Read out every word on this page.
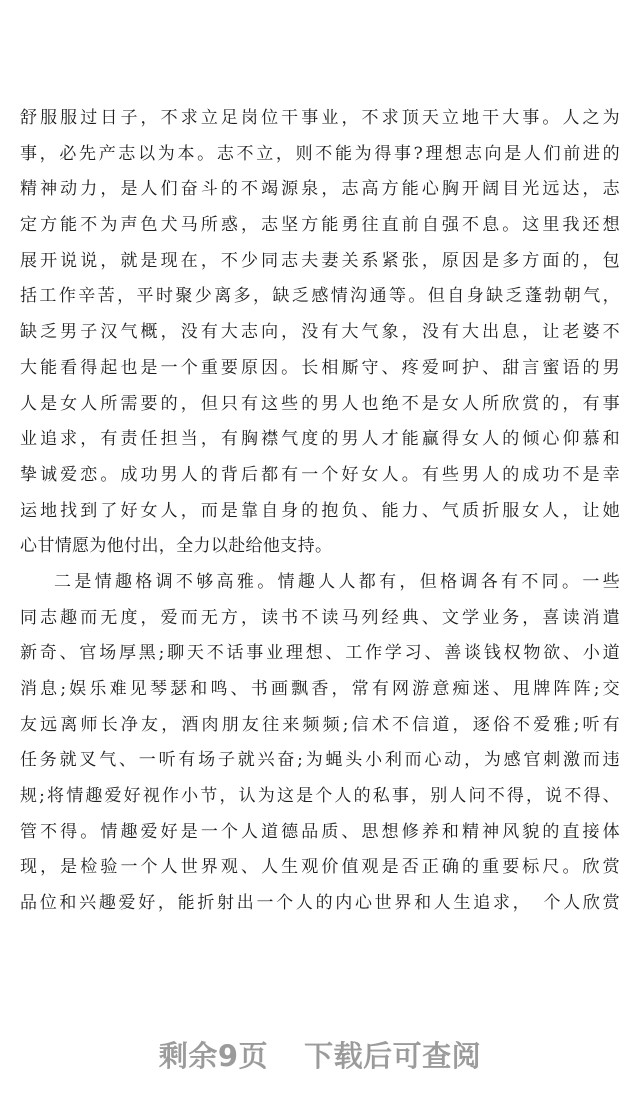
舒服服过日子，不求立足岗位干事业，不求顶天立地干大事。人之为
事，必先产志以为本。志不立，则不能为得事?理想志向是人们前进的
精神动力，是人们奋斗的不竭源泉，志高方能心胸开阔目光远达，志
定方能不为声色犬马所惑，志坚方能勇往直前自强不息。这里我还想
展开说说，就是现在，不少同志夫妻关系紧张，原因是多方面的，包
括工作辛苦，平时聚少离多，缺乏感情沟通等。但自身缺乏蓬勃朝气，
缺乏男子汉气概，没有大志向，没有大气象，没有大出息，让老婆不
大能看得起也是一个重要原因。长相厮守、疼爱呵护、甜言蜜语的男
人是女人所需要的，但只有这些的男人也绝不是女人所欣赏的，有事
业追求，有责任担当，有胸襟气度的男人才能赢得女人的倾心仰慕和
挚诚爱恋。成功男人的背后都有一个好女人。有些男人的成功不是幸
运地找到了好女人，而是靠自身的抱负、能力、气质折服女人，让她
心甘情愿为他付出，全力以赴给他支持。
二是情趣格调不够高雅。情趣人人都有，但格调各有不同。一些
同志趣而无度，爱而无方，读书不读马列经典、文学业务，喜读消遣
新奇、官场厚黑;聊天不话事业理想、工作学习、善谈钱权物欲、小道
消息;娱乐难见琴瑟和鸣、书画飘香，常有网游意痴迷、甩牌阵阵;交
友远离师长净友，酒肉朋友往来频频;信术不信道，逐俗不爱雅;听有
任务就叉气、一听有场子就兴奋;为蝇头小利而心动，为感官刺激而违
规;将情趣爱好视作小节，认为这是个人的私事，别人问不得，说不得、
管不得。情趣爱好是一个人道德品质、思想修养和精神风貌的直接体
现，是检验一个人世界观、人生观价值观是否正确的重要标尺。欣赏
品位和兴趣爱好，能折射出一个人的内心世界和人生追求，　个人欣赏
剩余9页 下载后可查阅
